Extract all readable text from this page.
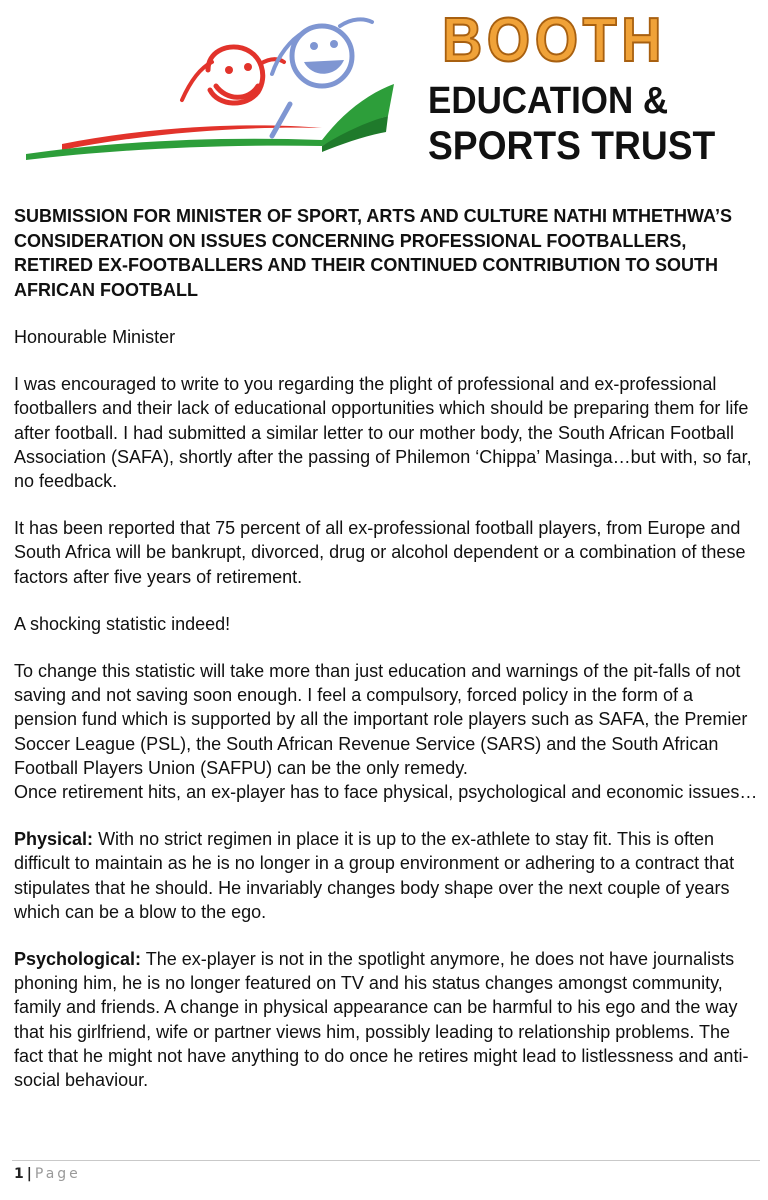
BOOTH
EDUCATION &
SPORTS TRUST

SUBMISSION FOR MINISTER OF SPORT, ARTS AND CULTURE NATHI MTHETHWA’S CONSIDERATION ON ISSUES CONCERNING PROFESSIONAL FOOTBALLERS, RETIRED EX-FOOTBALLERS AND THEIR CONTINUED CONTRIBUTION TO SOUTH AFRICAN FOOTBALL

Honourable Minister

I was encouraged to write to you regarding the plight of professional and ex-professional footballers and their lack of educational opportunities which should be preparing them for life after football. I had submitted a similar letter to our mother body, the South African Football Association (SAFA), shortly after the passing of Philemon ‘Chippa’ Masinga…but with, so far, no feedback.

It has been reported that 75 percent of all ex-professional football players, from Europe and South Africa will be bankrupt, divorced, drug or alcohol dependent or a combination of these factors after five years of retirement.

A shocking statistic indeed!

To change this statistic will take more than just education and warnings of the pit-falls of not saving and not saving soon enough. I feel a compulsory, forced policy in the form of a pension fund which is supported by all the important role players such as SAFA, the Premier Soccer League (PSL), the South African Revenue Service (SARS) and the South African Football Players Union (SAFPU) can be the only remedy.

Once retirement hits, an ex-player has to face physical, psychological and economic issues…

Physical: With no strict regimen in place it is up to the ex-athlete to stay fit. This is often difficult to maintain as he is no longer in a group environment or adhering to a contract that stipulates that he should. He invariably changes body shape over the next couple of years which can be a blow to the ego.

Psychological: The ex-player is not in the spotlight anymore, he does not have journalists phoning him, he is no longer featured on TV and his status changes amongst community, family and friends. A change in physical appearance can be harmful to his ego and the way that his girlfriend, wife or partner views him, possibly leading to relationship problems. The fact that he might not have anything to do once he retires might lead to listlessness and anti-social behaviour.

1 | Page
